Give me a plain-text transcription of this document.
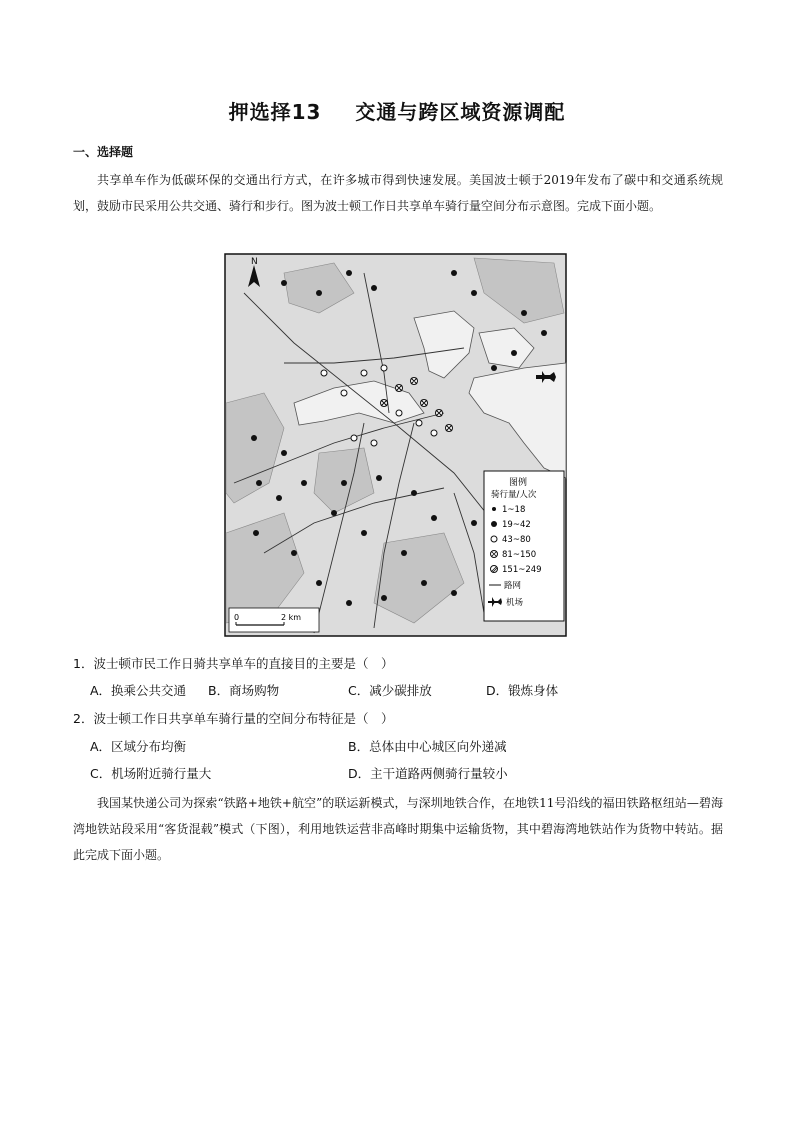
押选择13 交通与跨区域资源调配
一、选择题
共享单车作为低碳环保的交通出行方式，在许多城市得到快速发展。美国波士顿于2019年发布了碳中和交通系统规划，鼓励市民采用公共交通、骑行和步行。图为波士顿工作日共享单车骑行量空间分布示意图。完成下面小题。
N
图例
骑行量/人次
1~18
19~42
43~80
81~150
151~249
路网
机场
0	2 km
1．波士顿市民工作日骑共享单车的直接目的主要是（　）
A．换乘公共交通 B．商场购物	C．减少碳排放	D．锻炼身体
2．波士顿工作日共享单车骑行量的空间分布特征是（　）
A．区域分布均衡	B．总体由中心城区向外递减
C．机场附近骑行量大	D．主干道路两侧骑行量较小
我国某快递公司为探索“铁路+地铁+航空”的联运新模式，与深圳地铁合作，在地铁11号沿线的福田铁路枢纽站—碧海湾地铁站段采用“客货混载”模式（下图），利用地铁运营非高峰时期集中运输货物，其中碧海湾地铁站作为货物中转站。据此完成下面小题。
